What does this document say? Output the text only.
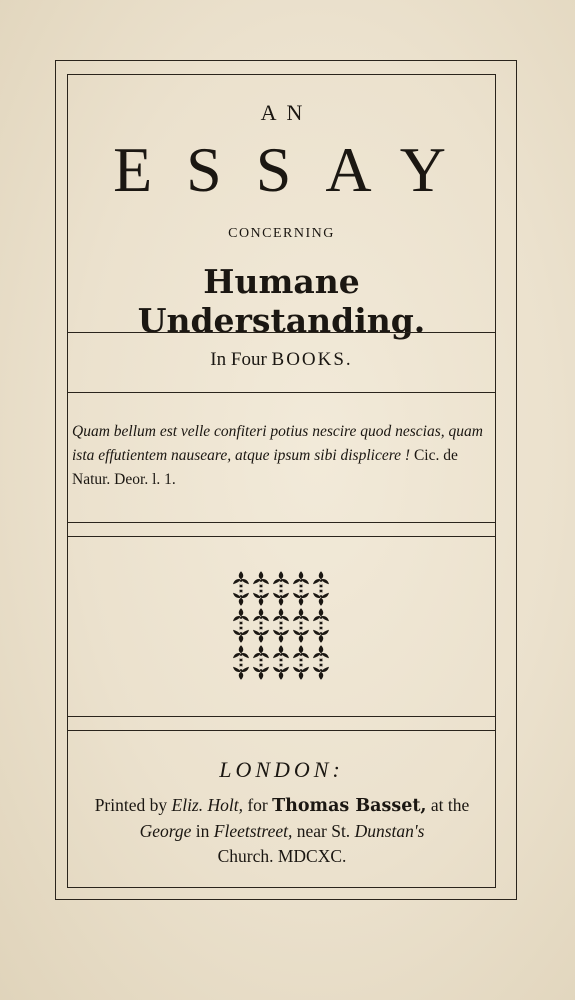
AN
ESSAY
CONCERNING
Humane Understanding.
In Four BOOKS.
Quam bellum est velle confiteri potius nescire quod nescias, quam ista effutientem nauseare, atque ipsum sibi displicere ! Cic. de Natur. Deor. l. 1.
LONDON:
Printed by Eliz. Holt, for Thomas Basset, at the
George in Fleetstreet, near St. Dunstan's
Church. MDCXC.
